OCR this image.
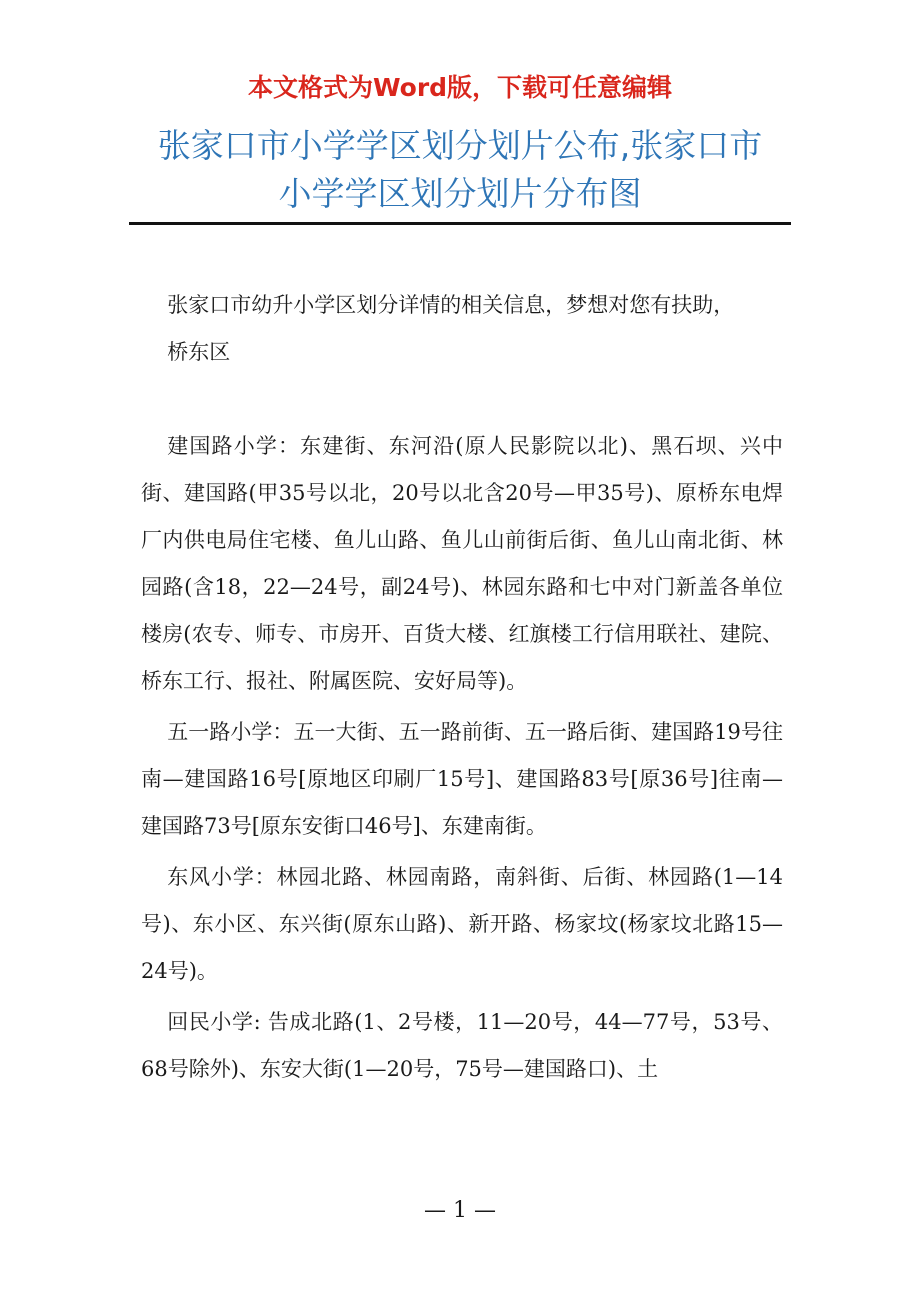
本文格式为Word版，下载可任意编辑
张家口市小学学区划分划片公布,张家口市
小学学区划分划片分布图

张家口市幼升小学区划分详情的相关信息，梦想对您有扶助，

桥东区

建国路小学：东建街、东河沿(原人民影院以北)、黑石坝、兴中街、建国路(甲35号以北，20号以北含20号—甲35号)、原桥东电焊厂内供电局住宅楼、鱼儿山路、鱼儿山前街后街、鱼儿山南北街、林园路(含18，22—24号，副24号)、林园东路和七中对门新盖各单位楼房(农专、师专、市房开、百货大楼、红旗楼工行信用联社、建院、桥东工行、报社、附属医院、安好局等)。

五一路小学：五一大街、五一路前街、五一路后街、建国路19号往南—建国路16号[原地区印刷厂15号]、建国路83号[原36号]往南—建国路73号[原东安街口46号]、东建南街。

东风小学：林园北路、林园南路，南斜街、后街、林园路(1—14号)、东小区、东兴街(原东山路)、新开路、杨家坟(杨家坟北路15—24号)。

回民小学: 告成北路(1、2号楼，11—20号，44—77号，53号、68号除外)、东安大街(1—20号，75号—建国路口)、土

— 1 —
